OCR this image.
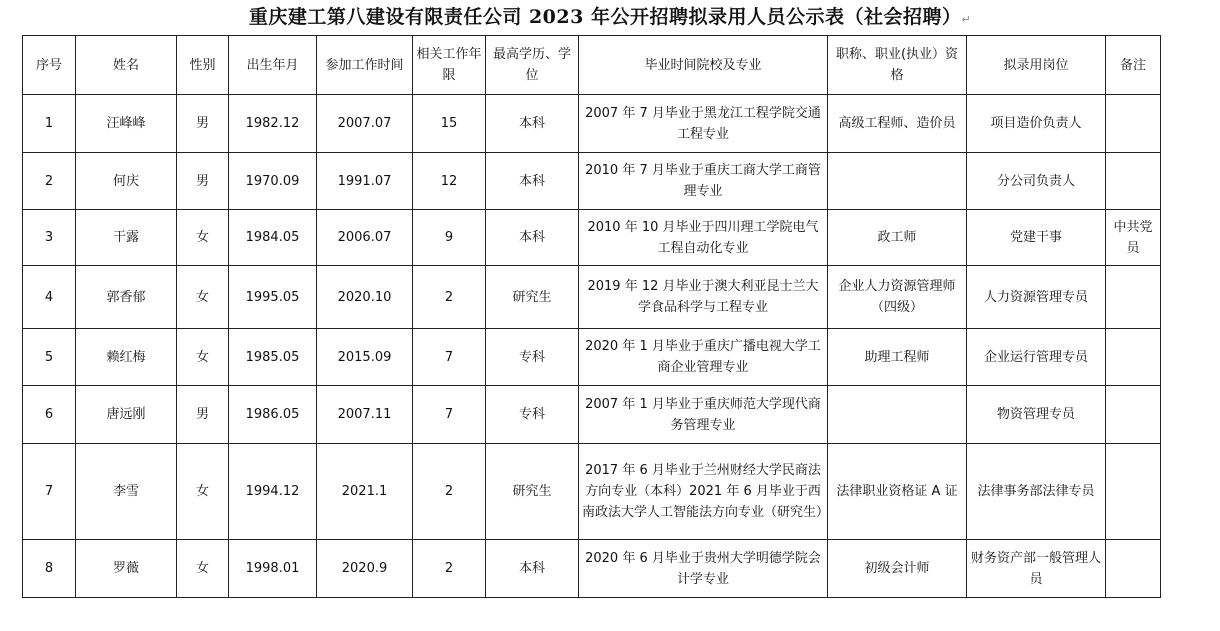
重庆建工第八建设有限责任公司 2023 年公开招聘拟录用人员公示表（社会招聘）↵
序号	姓名	性别	出生年月	参加工作时间	相关工作年限	最高学历、学位	毕业时间院校及专业	职称、职业(执业）资格	拟录用岗位	备注
1	汪峰峰	男	1982.12	2007.07	15	本科	2007 年 7 月毕业于黑龙江工程学院交通工程专业	高级工程师、造价员	项目造价负责人	
2	何庆	男	1970.09	1991.07	12	本科	2010 年 7 月毕业于重庆工商大学工商管理专业		分公司负责人	
3	干露	女	1984.05	2006.07	9	本科	2010 年 10 月毕业于四川理工学院电气工程自动化专业	政工师	党建干事	中共党员
4	郭香郁	女	1995.05	2020.10	2	研究生	2019 年 12 月毕业于澳大利亚昆士兰大学食品科学与工程专业	企业人力资源管理师（四级）	人力资源管理专员	
5	赖红梅	女	1985.05	2015.09	7	专科	2020 年 1 月毕业于重庆广播电视大学工商企业管理专业	助理工程师	企业运行管理专员	
6	唐远刚	男	1986.05	2007.11	7	专科	2007 年 1 月毕业于重庆师范大学现代商务管理专业		物资管理专员	
7	李雪	女	1994.12	2021.1	2	研究生	2017 年 6 月毕业于兰州财经大学民商法方向专业（本科）2021 年 6 月毕业于西南政法大学人工智能法方向专业（研究生）	法律职业资格证 A 证	法律事务部法律专员	
8	罗薇	女	1998.01	2020.9	2	本科	2020 年 6 月毕业于贵州大学明德学院会计学专业	初级会计师	财务资产部一般管理人员	
